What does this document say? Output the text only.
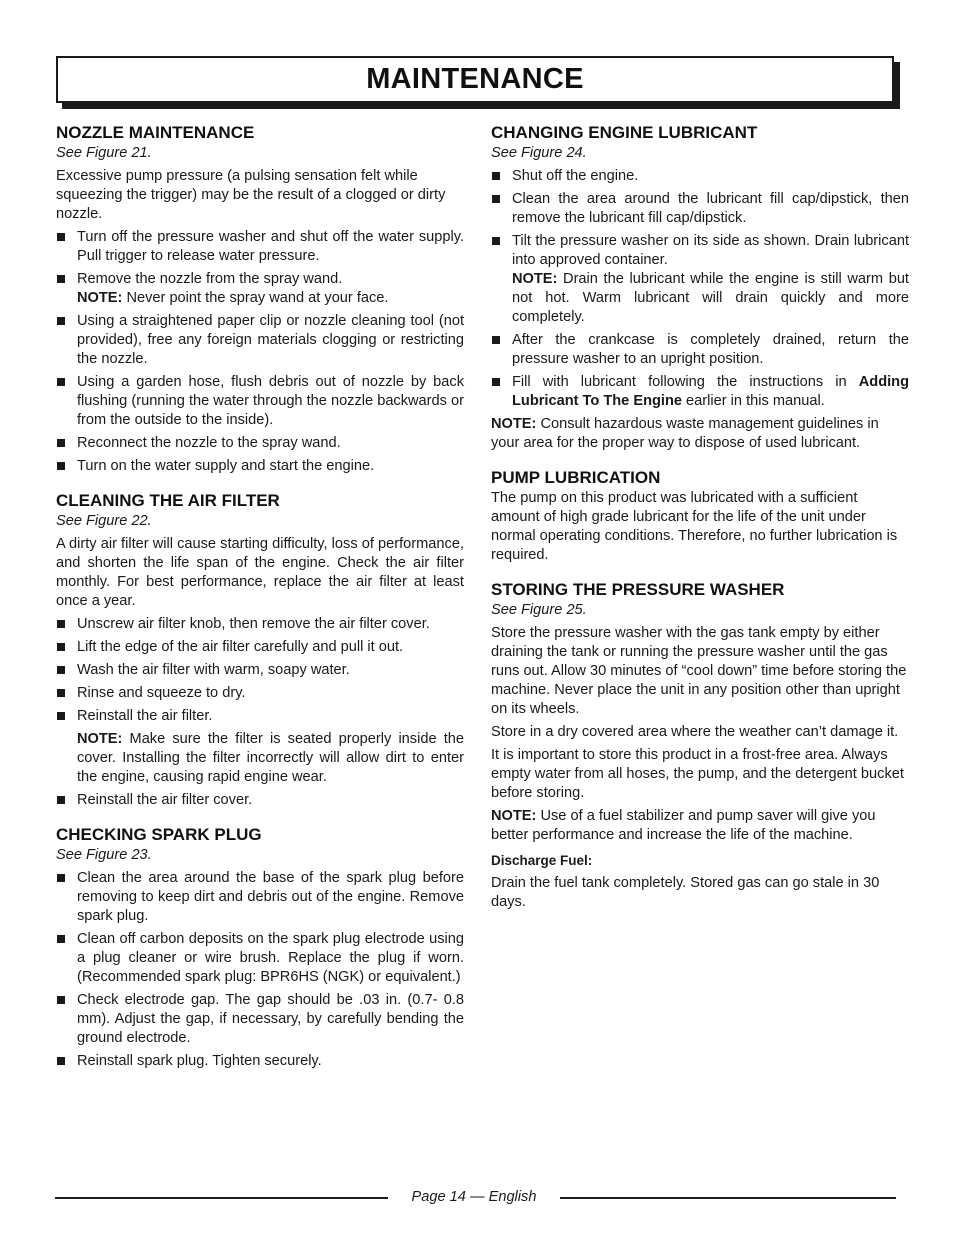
MAINTENANCE
NOZZLE MAINTENANCE

See Figure 21.

Excessive pump pressure (a pulsing sensation felt while squeezing the trigger) may be the result of a clogged or dirty nozzle.

Turn off the pressure washer and shut off the water supply. Pull trigger to release water pressure.
Remove the nozzle from the spray wand.
NOTE: Never point the spray wand at your face.
Using a straightened paper clip or nozzle cleaning tool (not provided), free any foreign materials clogging or restricting the nozzle.
Using a garden hose, flush debris out of nozzle by back flushing (running the water through the nozzle backwards or from the outside to the inside).
Reconnect the nozzle to the spray wand.
Turn on the water supply and start the engine.
CLEANING THE AIR FILTER

See Figure 22.

A dirty air filter will cause starting difficulty, loss of performance, and shorten the life span of the engine. Check the air filter monthly. For best performance, replace the air filter at least once a year.

Unscrew air filter knob, then remove the air filter cover.
Lift the edge of the air filter carefully and pull it out.
Wash the air filter with warm, soapy water.
Rinse and squeeze to dry.
Reinstall the air filter.

NOTE: Make sure the filter is seated properly inside the cover. Installing the filter incorrectly will allow dirt to enter the engine, causing rapid engine wear.

Reinstall the air filter cover.
CHECKING SPARK PLUG

See Figure 23.

Clean the area around the base of the spark plug before removing to keep dirt and debris out of the engine. Remove spark plug.
Clean off carbon deposits on the spark plug electrode using a plug cleaner or wire brush. Replace the plug if worn. (Recommended spark plug: BPR6HS (NGK) or equivalent.)
Check electrode gap. The gap should be .03 in. (0.7- 0.8 mm). Adjust the gap, if necessary, by carefully bending the ground electrode.
Reinstall spark plug. Tighten securely.
CHANGING ENGINE LUBRICANT

See Figure 24.

Shut off the engine.
Clean the area around the lubricant fill cap/dipstick, then remove the lubricant fill cap/dipstick.
Tilt the pressure washer on its side as shown. Drain lubricant into approved container.
NOTE: Drain the lubricant while the engine is still warm but not hot. Warm lubricant will drain quickly and more completely.
After the crankcase is completely drained, return the pressure washer to an upright position.
Fill with lubricant following the instructions in Adding Lubricant To The Engine earlier in this manual.

NOTE: Consult hazardous waste management guidelines in your area for the proper way to dispose of used lubricant.

PUMP LUBRICATION

The pump on this product was lubricated with a sufficient amount of high grade lubricant for the life of the unit under normal operating conditions. Therefore, no further lubrication is required.

STORING THE PRESSURE WASHER

See Figure 25.

Store the pressure washer with the gas tank empty by either draining the tank or running the pressure washer until the gas runs out. Allow 30 minutes of “cool down” time before storing the machine. Never place the unit in any position other than upright on its wheels.

Store in a dry covered area where the weather can’t damage it.

It is important to store this product in a frost-free area. Always empty water from all hoses, the pump, and the detergent bucket before storing.

NOTE: Use of a fuel stabilizer and pump saver will give you better performance and increase the life of the machine.

Discharge Fuel:

Drain the fuel tank completely. Stored gas can go stale in 30 days.

Page 14 — English
